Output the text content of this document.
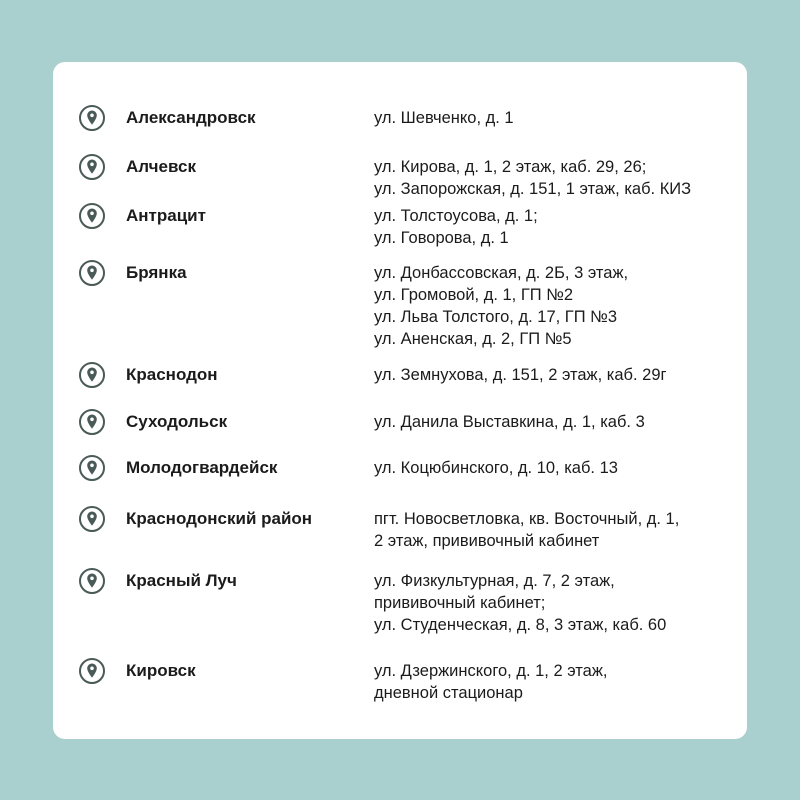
Александровск	ул. Шевченко, д. 1
Алчевск	ул. Кирова, д. 1, 2 этаж, каб. 29, 26;
ул. Запорожская, д. 151, 1 этаж, каб. КИЗ
Антрацит	ул. Толстоусова, д. 1;
ул. Говорова, д. 1
Брянка	ул. Донбассовская, д. 2Б, 3 этаж,
ул. Громовой, д. 1, ГП №2
ул. Льва Толстого, д. 17, ГП №3
ул. Аненская, д. 2, ГП №5
Краснодон	ул. Земнухова, д. 151, 2 этаж, каб. 29г
Суходольск	ул. Данила Выставкина, д. 1, каб. 3
Молодогвардейск	ул. Коцюбинского, д. 10, каб. 13
Краснодонский район	пгт. Новосветловка, кв. Восточный, д. 1,
2 этаж, прививочный кабинет
Красный Луч	ул. Физкультурная, д. 7, 2 этаж,
прививочный кабинет;
ул. Студенческая, д. 8, 3 этаж, каб. 60
Кировск	ул. Дзержинского, д. 1, 2 этаж,
дневной стационар
